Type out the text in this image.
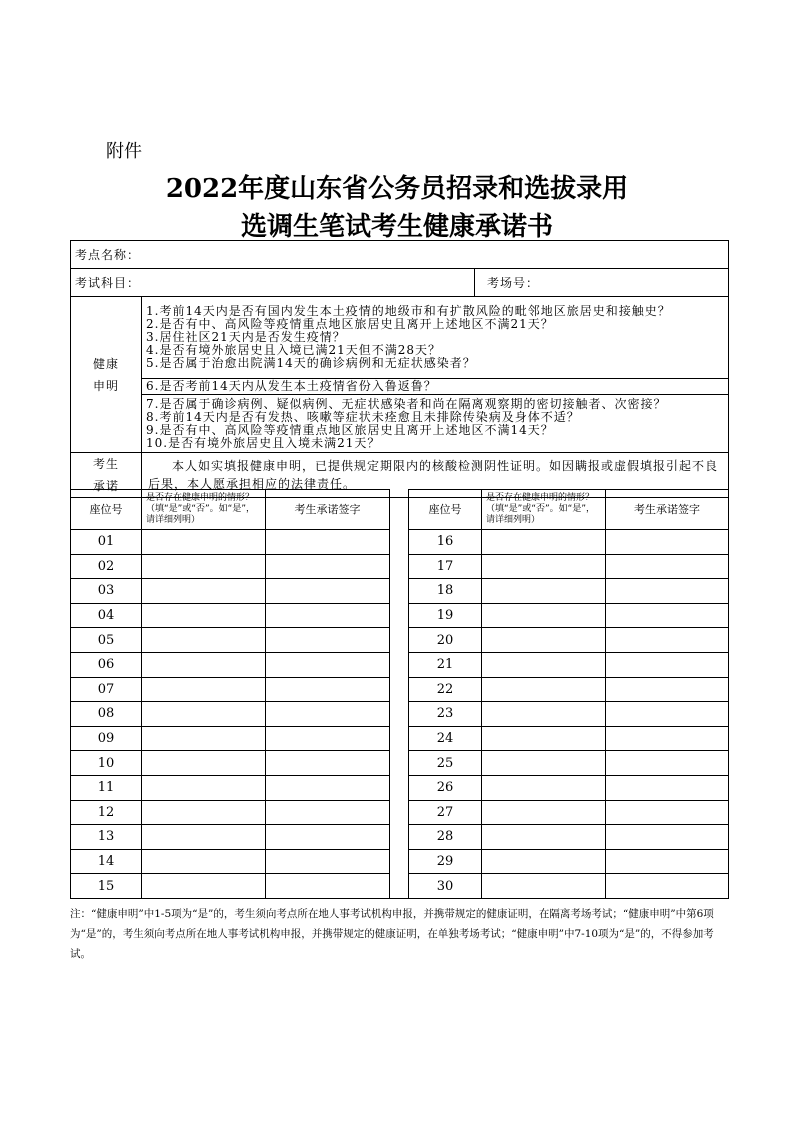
附件
2022年度山东省公务员招录和选拔录用
选调生笔试考生健康承诺书
考点名称：		
考试科目：		考场号：

健康申明	1.考前14天内是否有国内发生本土疫情的地级市和有扩散风险的毗邻地区旅居史和接触史？
2.是否有中、高风险等疫情重点地区旅居史且离开上述地区不满21天？
3.居住社区21天内是否发生疫情？
4.是否有境外旅居史且入境已满21天但不满28天？
5.是否属于治愈出院满14天的确诊病例和无症状感染者？	

	6.是否考前14天内从发生本土疫情省份入鲁返鲁？	

	7.是否属于确诊病例、疑似病例、无症状感染者和尚在隔离观察期的密切接触者、次密接？
8.考前14天内是否有发热、咳嗽等症状未痊愈且未排除传染病及身体不适？
9.是否有中、高风险等疫情重点地区旅居史且离开上述地区不满14天？
10.是否有境外旅居史且入境未满21天？	

考生承诺	本人如实填报健康申明，已提供规定期限内的核酸检测阴性证明。如因瞒报或虚假填报引起不良后果，本人愿承担相应的法律责任。	
座位号	是否存在健康申明的情形？（填“是”或“否”。如“是”，请详细列明）	考生承诺签字		座位号	是否存在健康申明的情形？（填“是”或“否”。如“是”，请详细列明）	考生承诺签字
01				16		
02				17		
03				18		
04				19		
05				20		
06				21		
07				22		
08				23		
09				24		
10				25		
11				26		
12				27		
13				28		
14				29		
15				30		
注：“健康申明”中1-5项为“是”的，考生须向考点所在地人事考试机构申报，并携带规定的健康证明，在隔离考场考试；“健康申明”中第6项为“是”的，考生须向考点所在地人事考试机构申报，并携带规定的健康证明，在单独考场考试；“健康申明”中7-10项为“是”的，不得参加考试。
